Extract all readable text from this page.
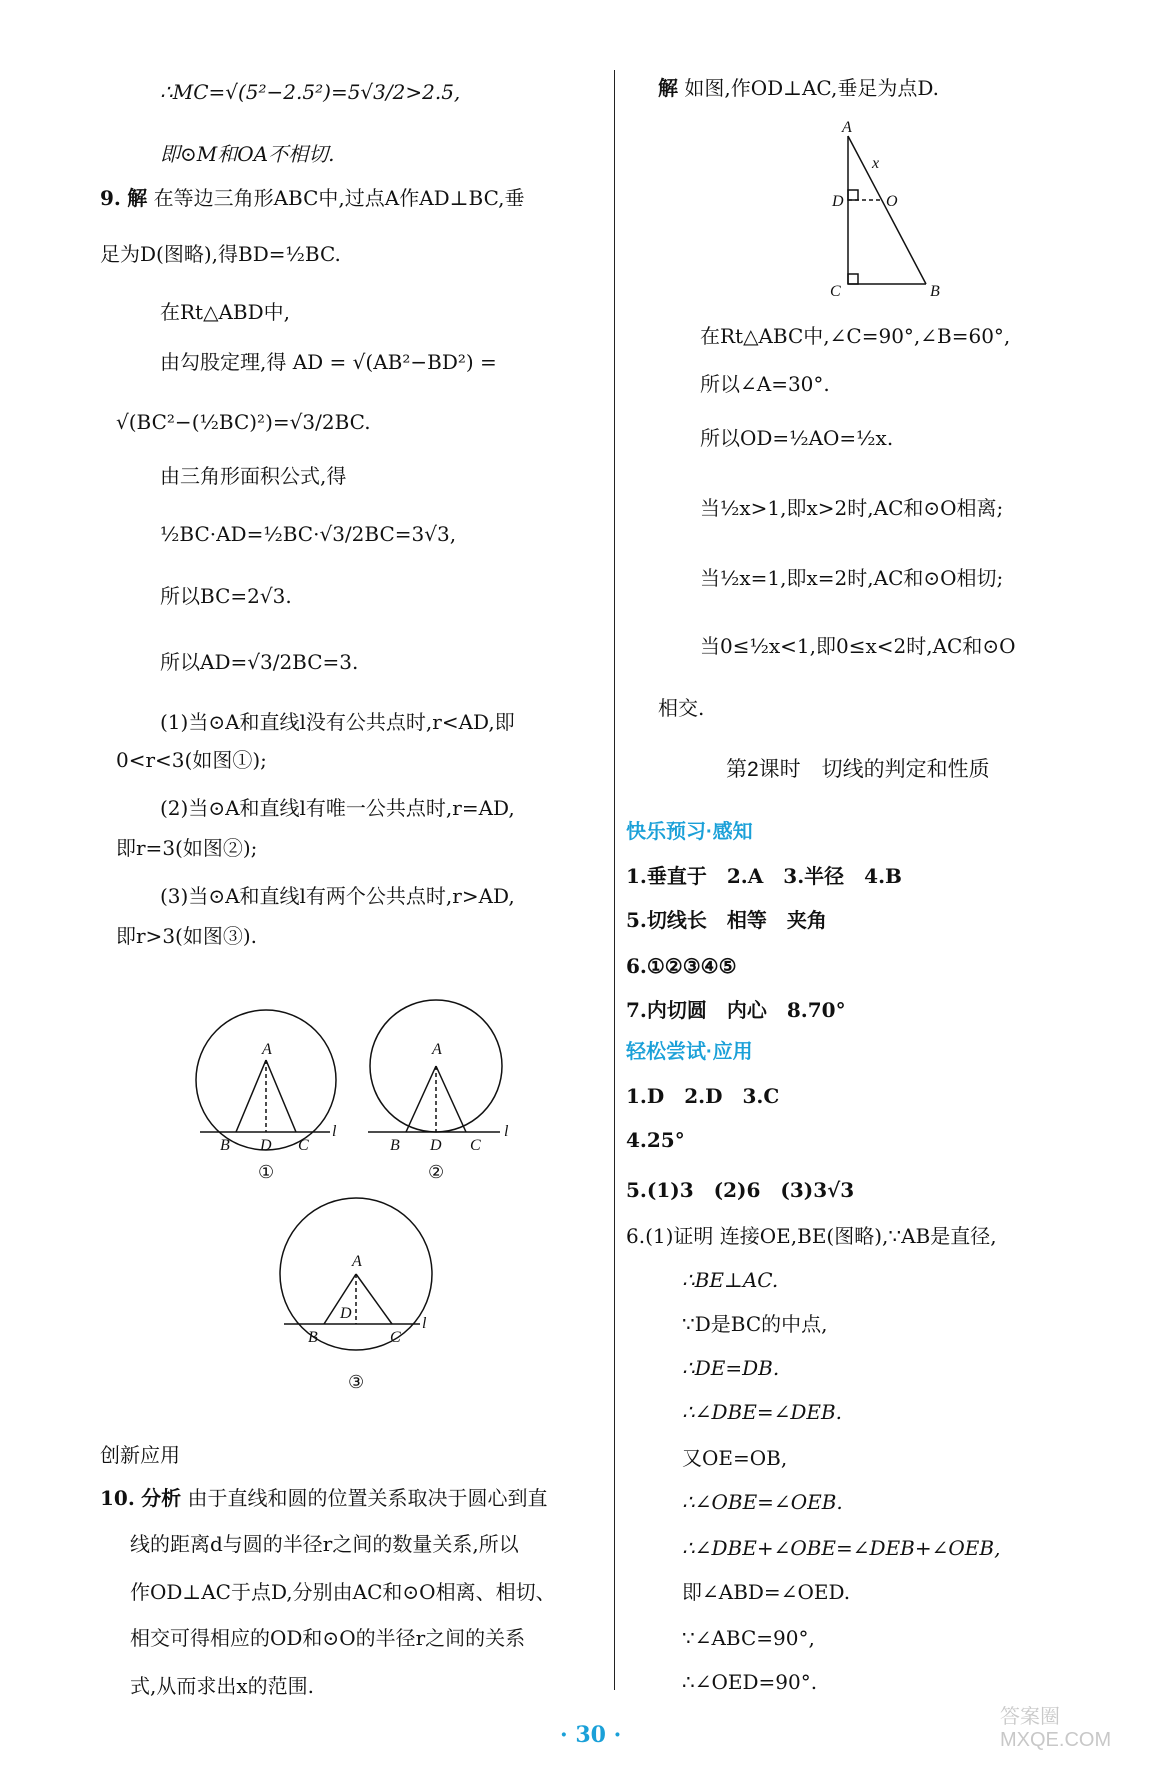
∴MC=√(5²−2.5²)=5√3/2>2.5,
即⊙M和OA不相切.
9. 解 在等边三角形ABC中,过点A作AD⊥BC,垂
足为D(图略),得BD=½BC.
在Rt△ABD中,
由勾股定理,得 AD = √(AB²−BD²) =
√(BC²−(½BC)²)=√3/2BC.
由三角形面积公式,得
½BC·AD=½BC·√3/2BC=3√3,
所以BC=2√3.
所以AD=√3/2BC=3.
(1)当⊙A和直线l没有公共点时,r<AD,即
0<r<3(如图①);
(2)当⊙A和直线l有唯一公共点时,r=AD,
即r=3(如图②);
(3)当⊙A和直线l有两个公共点时,r>AD,
即r>3(如图③).
A
B D C
l
A
B D C
l
A
B
D
C
l
①	②
③
创新应用
10. 分析 由于直线和圆的位置关系取决于圆心到直
线的距离d与圆的半径r之间的数量关系,所以
作OD⊥AC于点D,分别由AC和⊙O相离、相切、
相交可得相应的OD和⊙O的半径r之间的关系
式,从而求出x的范围.
解 如图,作OD⊥AC,垂足为点D.
A
x
D	O
C	B
在Rt△ABC中,∠C=90°,∠B=60°,
所以∠A=30°.
所以OD=½AO=½x.
当½x>1,即x>2时,AC和⊙O相离;
当½x=1,即x=2时,AC和⊙O相切;
当0≤½x<1,即0≤x<2时,AC和⊙O
相交.
第2课时　切线的判定和性质
快乐预习·感知
1.垂直于　2.A　3.半径　4.B
5.切线长　相等　夹角
6.①②③④⑤
7.内切圆　内心　8.70°
轻松尝试·应用
1.D　2.D　3.C
4.25°
5.(1)3　(2)6　(3)3√3
6.(1)证明 连接OE,BE(图略),∵AB是直径,
∴BE⊥AC.
∵D是BC的中点,
∴DE=DB.
∴∠DBE=∠DEB.
又OE=OB,
∴∠OBE=∠OEB.
∴∠DBE+∠OBE=∠DEB+∠OEB,
即∠ABD=∠OED.
∵∠ABC=90°,
∴∠OED=90°.
· 30 ·
答案圈 MXQE.COM
